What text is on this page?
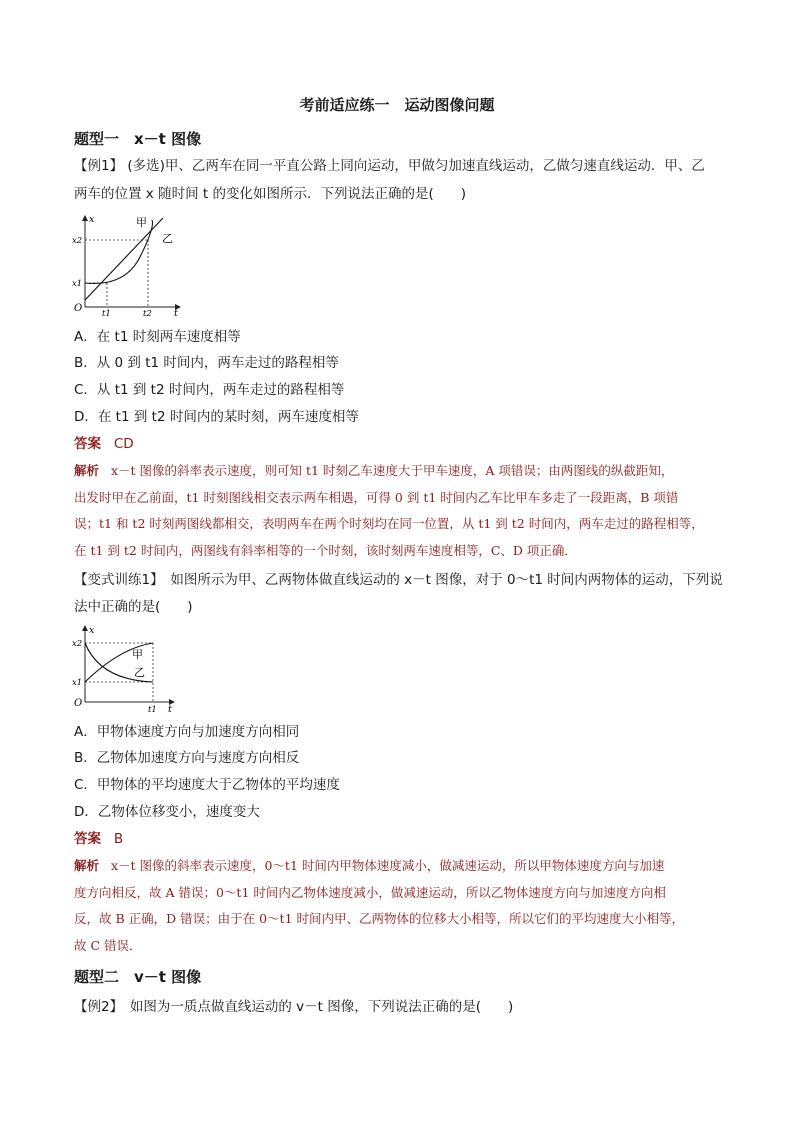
考前适应练一　运动图像问题
题型一　x－t 图像
【例1】 (多选)甲、乙两车在同一平直公路上同向运动，甲做匀加速直线运动，乙做匀速直线运动．甲、乙
两车的位置 x 随时间 t 的变化如图所示．下列说法正确的是(　　)
O
x
t
x2
x1
t1	t2
甲
乙
A．在 t1 时刻两车速度相等
B．从 0 到 t1 时间内，两车走过的路程相等
C．从 t1 到 t2 时间内，两车走过的路程相等
D．在 t1 到 t2 时间内的某时刻，两车速度相等
答案 CD
解析 x－t 图像的斜率表示速度，则可知 t1 时刻乙车速度大于甲车速度，A 项错误；由两图线的纵截距知，
出发时甲在乙前面，t1 时刻图线相交表示两车相遇，可得 0 到 t1 时间内乙车比甲车多走了一段距离，B 项错
误；t1 和 t2 时刻两图线都相交，表明两车在两个时刻均在同一位置，从 t1 到 t2 时间内，两车走过的路程相等，
在 t1 到 t2 时间内，两图线有斜率相等的一个时刻，该时刻两车速度相等，C、D 项正确．
【变式训练1】　如图所示为甲、乙两物体做直线运动的 x－t 图像，对于 0～t1 时间内两物体的运动，下列说
法中正确的是(　　)
O
x
t
x2
x1
t1
甲
乙
A．甲物体速度方向与加速度方向相同
B．乙物体加速度方向与速度方向相反
C．甲物体的平均速度大于乙物体的平均速度
D．乙物体位移变小，速度变大
答案 B
解析 x－t 图像的斜率表示速度，0～t1 时间内甲物体速度减小，做减速运动，所以甲物体速度方向与加速
度方向相反，故 A 错误；0～t1 时间内乙物体速度减小，做减速运动，所以乙物体速度方向与加速度方向相
反，故 B 正确，D 错误；由于在 0～t1 时间内甲、乙两物体的位移大小相等，所以它们的平均速度大小相等，
故 C 错误．
题型二　v－t 图像
【例2】　如图为一质点做直线运动的 v－t 图像，下列说法正确的是(　　)
